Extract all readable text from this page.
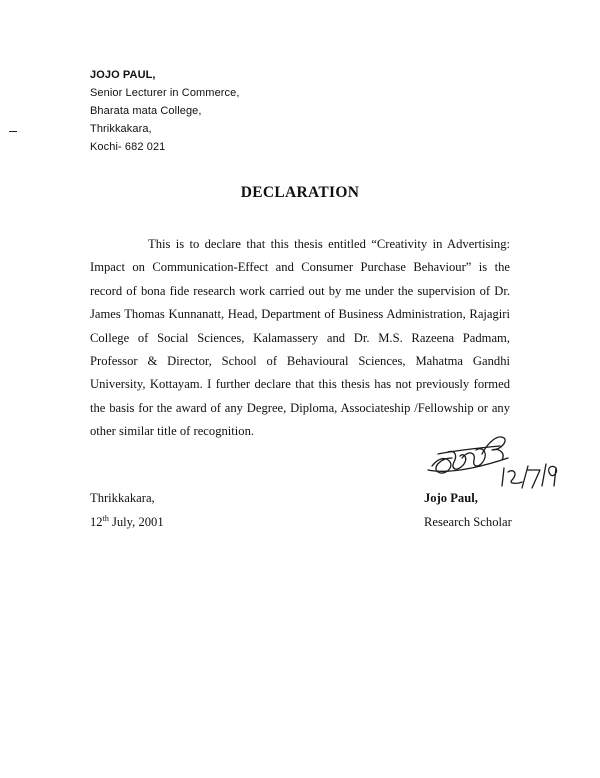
JOJO PAUL,
Senior Lecturer in Commerce,
Bharata mata College,
Thrikkakara,
Kochi- 682 021
DECLARATION
This is to declare that this thesis entitled “Creativity in Advertising: Impact on Communication-Effect and Consumer Purchase Behaviour” is the record of bona fide research work carried out by me under the supervision of Dr. James Thomas Kunnanatt, Head, Department of Business Administration, Rajagiri College of Social Sciences, Kalamassery and Dr. M.S. Razeena Padmam, Professor & Director, School of Behavioural Sciences, Mahatma Gandhi University, Kottayam. I further declare that this thesis has not previously formed the basis for the award of any Degree, Diploma, Associateship /Fellowship or any other similar title of recognition.
Thrikkakara,
12th July, 2001
Jojo Paul,
Research Scholar
